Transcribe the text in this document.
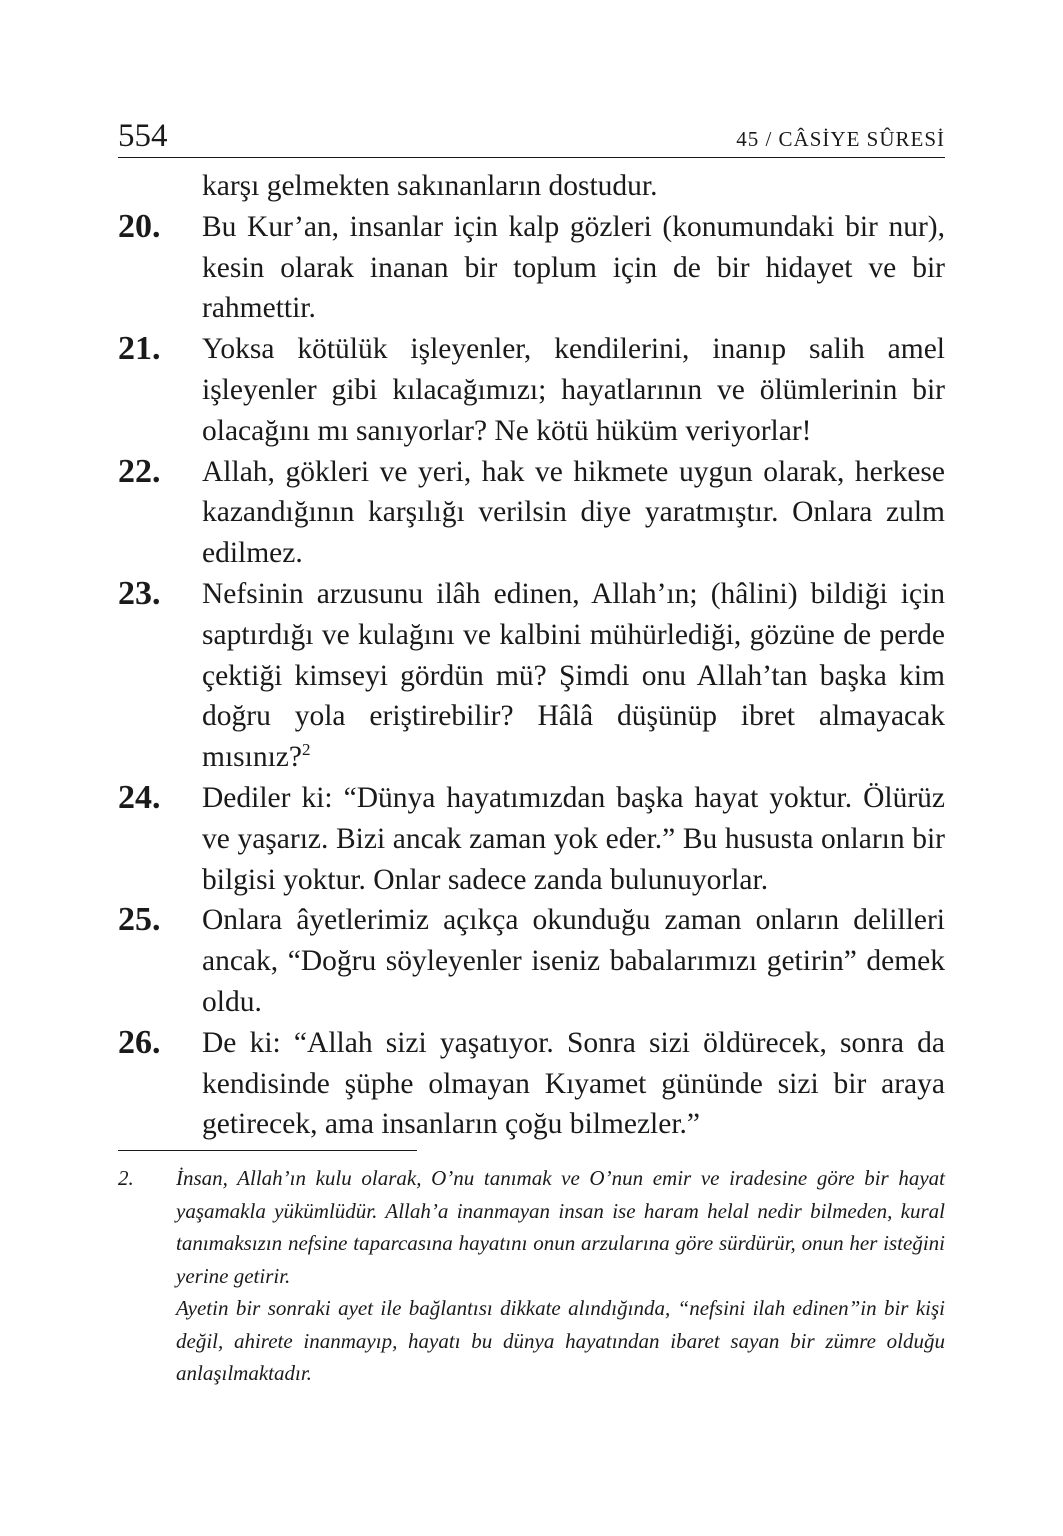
554	45 / CÂSİYE SÛRESİ
karşı gelmekten sakınanların dostudur.
20. Bu Kur’an, insanlar için kalp gözleri (konumundaki bir nur), kesin olarak inanan bir toplum için de bir hidayet ve bir rahmettir.
21. Yoksa kötülük işleyenler, kendilerini, inanıp salih amel işleyenler gibi kılacağımızı; hayatlarının ve ölümlerinin bir olacağını mı sanıyorlar? Ne kötü hüküm veriyorlar!
22. Allah, gökleri ve yeri, hak ve hikmete uygun olarak, herkese kazandığının karşılığı verilsin diye yaratmıştır. Onlara zulm edilmez.
23. Nefsinin arzusunu ilâh edinen, Allah’ın; (hâlini) bildiği için saptırdığı ve kulağını ve kalbini mühürlediği, gözüne de perde çektiği kimseyi gördün mü? Şimdi onu Allah’tan başka kim doğru yola eriştirebilir? Hâlâ düşünüp ibret almayacak mısınız?$^2$
24. Dediler ki: “Dünya hayatımızdan başka hayat yoktur. Ölürüz ve yaşarız. Bizi ancak zaman yok eder.” Bu hususta onların bir bilgisi yoktur. Onlar sadece zanda bulunuyorlar.
25. Onlara âyetlerimiz açıkça okunduğu zaman onların delilleri ancak, “Doğru söyleyenler iseniz babalarımızı getirin” demek oldu.
26. De ki: “Allah sizi yaşatıyor. Sonra sizi öldürecek, sonra da kendisinde şüphe olmayan Kıyamet gününde sizi bir araya getirecek, ama insanların çoğu bilmezler.”
2. İnsan, Allah’ın kulu olarak, O’nu tanımak ve O’nun emir ve iradesine göre bir hayat yaşamakla yükümlüdür. Allah’a inanmayan insan ise haram helal nedir bilmeden, kural tanımaksızın nefsine taparcasına hayatını onun arzularına göre sürdürür, onun her isteğini yerine getirir.
Ayetin bir sonraki ayet ile bağlantısı dikkate alındığında, “nefsini ilah edinen”in bir kişi değil, ahirete inanmayıp, hayatı bu dünya hayatından ibaret sayan bir zümre olduğu anlaşılmaktadır.
